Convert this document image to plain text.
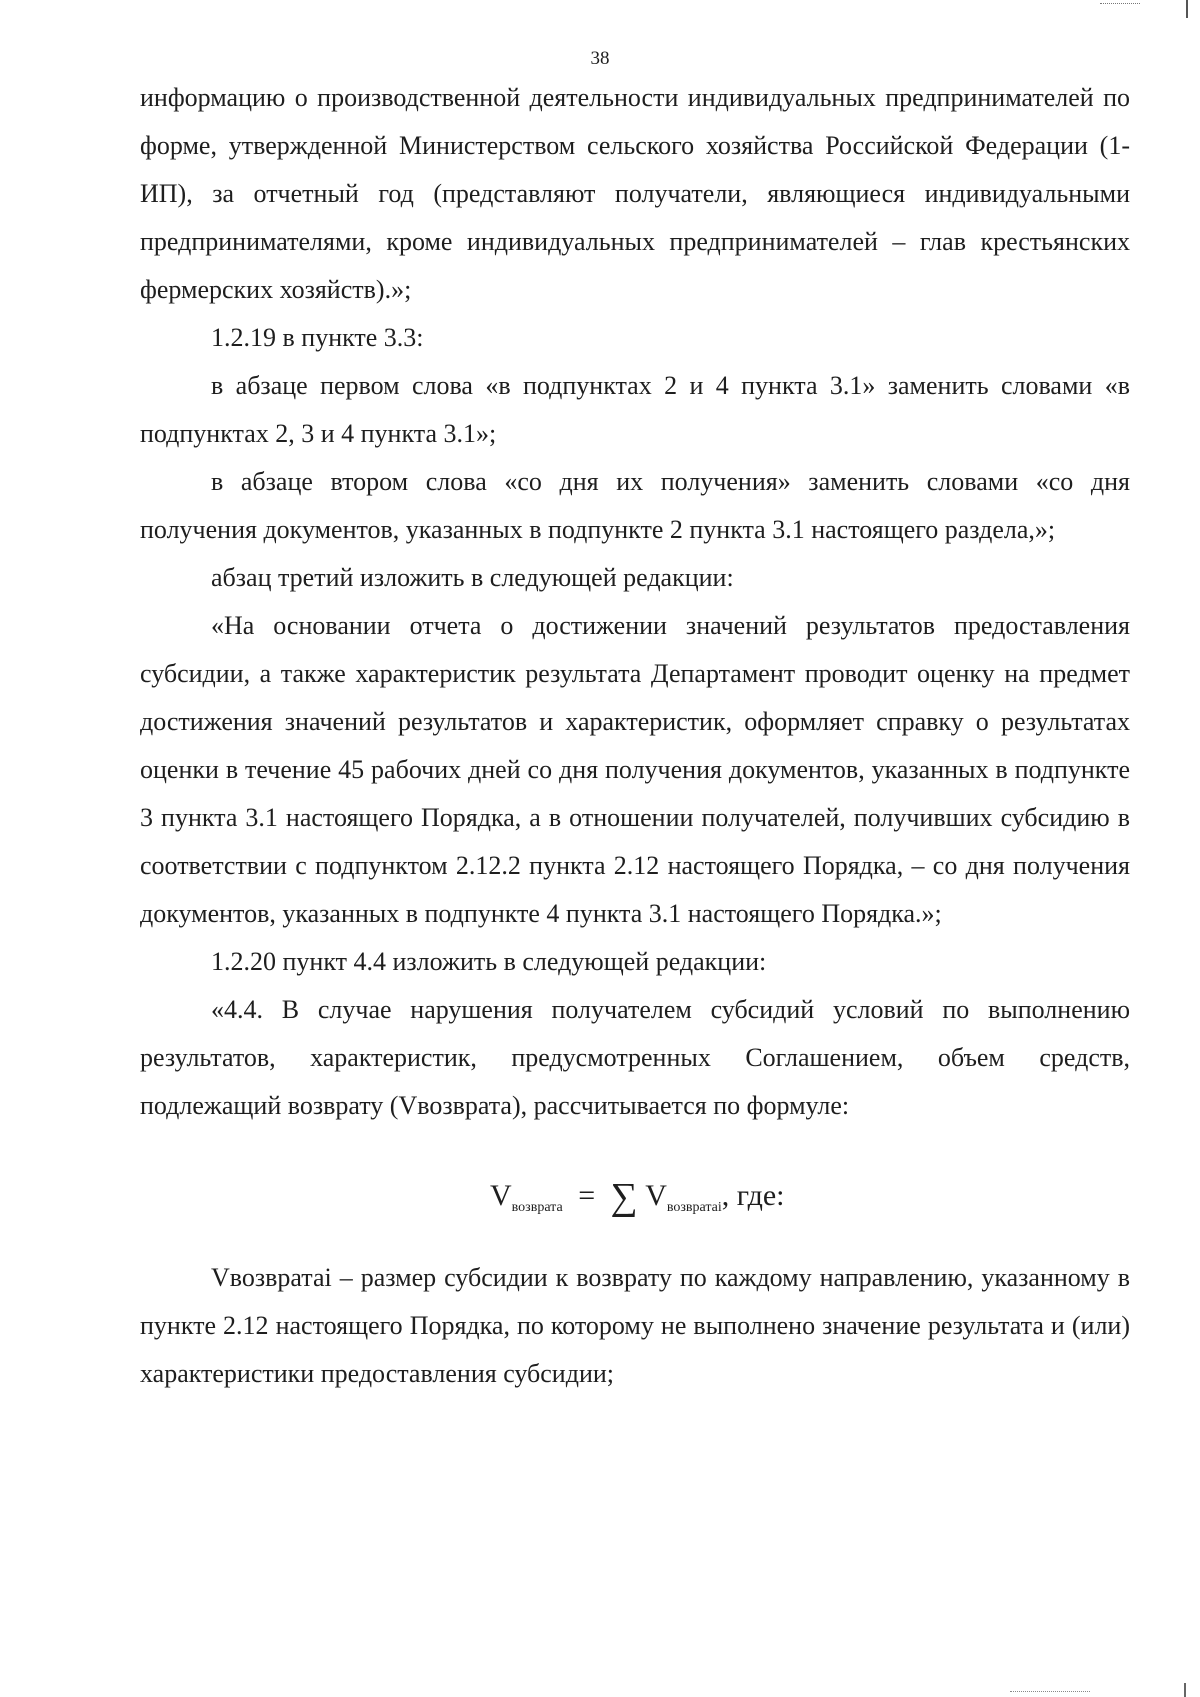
38

информацию о производственной деятельности индивидуальных предпринимателей по форме, утвержденной Министерством сельского хозяйства Российской Федерации (1-ИП), за отчетный год (представляют получатели, являющиеся индивидуальными предпринимателями, кроме индивидуальных предпринимателей – глав крестьянских фермерских хозяйств).»;

1.2.19 в пункте 3.3:

в абзаце первом слова «в подпунктах 2 и 4 пункта 3.1» заменить словами «в подпунктах 2, 3 и 4 пункта 3.1»;

в абзаце втором слова «со дня их получения» заменить словами «со дня получения документов, указанных в подпункте 2 пункта 3.1 настоящего раздела,»;

абзац третий изложить в следующей редакции:

«На основании отчета о достижении значений результатов предоставления субсидии, а также характеристик результата Департамент проводит оценку на предмет достижения значений результатов и характеристик, оформляет справку о результатах оценки в течение 45 рабочих дней со дня получения документов, указанных в подпункте 3 пункта 3.1 настоящего Порядка, а в отношении получателей, получивших субсидию в соответствии с подпунктом 2.12.2 пункта 2.12 настоящего Порядка, – со дня получения документов, указанных в подпункте 4 пункта 3.1 настоящего Порядка.»;

1.2.20 пункт 4.4 изложить в следующей редакции:

«4.4. В случае нарушения получателем субсидий условий по выполнению результатов, характеристик, предусмотренных Соглашением, объем средств, подлежащий возврату (Vвозврата), рассчитывается по формуле:

$V_{возврата}$ = ∑ $V_{возвратаi}$, где:

Vвозвратаi – размер субсидии к возврату по каждому направлению, указанному в пункте 2.12 настоящего Порядка, по которому не выполнено значение результата и (или) характеристики предоставления субсидии;
